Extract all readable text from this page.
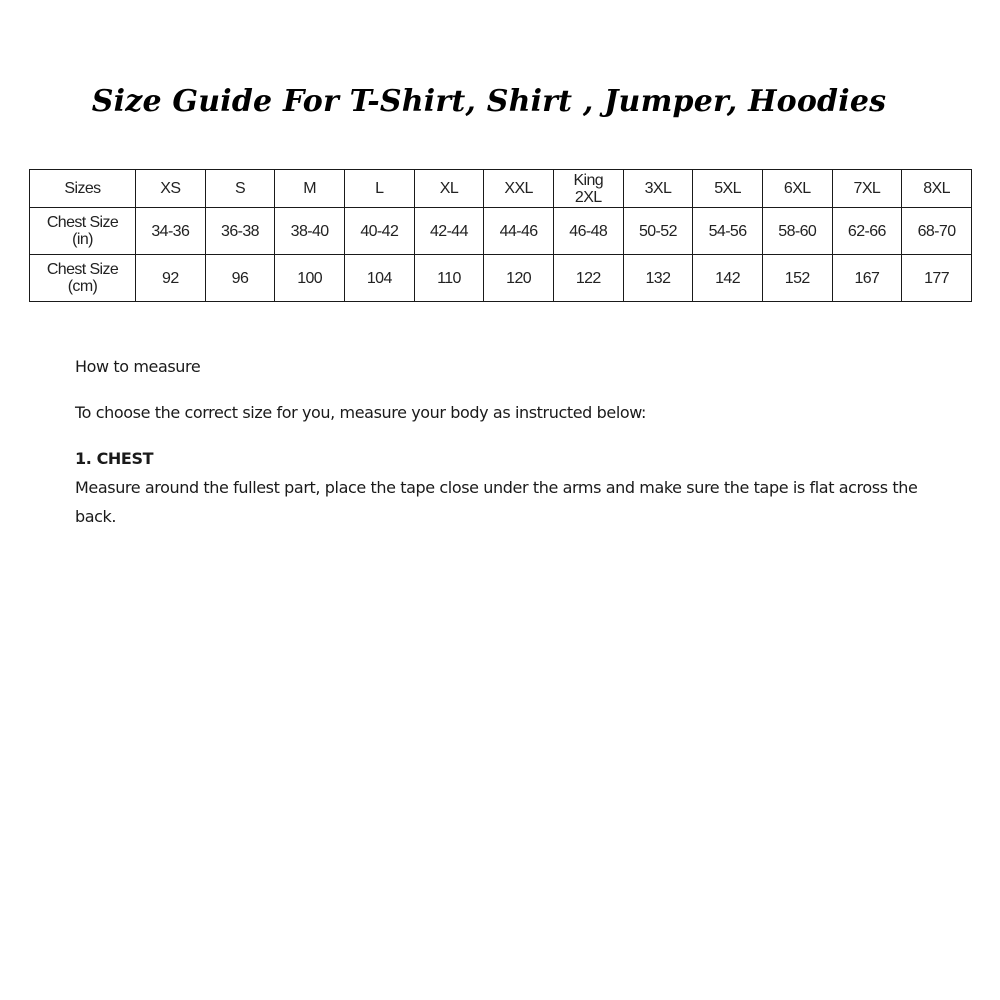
Size Guide For T-Shirt, Shirt , Jumper, Hoodies
Sizes	XS	S	M	L	XL	XXL	King 2XL	3XL	5XL	6XL	7XL	8XL
Chest Size (in)	34-36	36-38	38-40	40-42	42-44	44-46	46-48	50-52	54-56	58-60	62-66	68-70
Chest Size (cm)	92	96	100	104	110	120	122	132	142	152	167	177

How to measure

To choose the correct size for you, measure your body as instructed below:

1. CHEST

Measure around the fullest part, place the tape close under the arms and make sure the tape is flat across the back.
